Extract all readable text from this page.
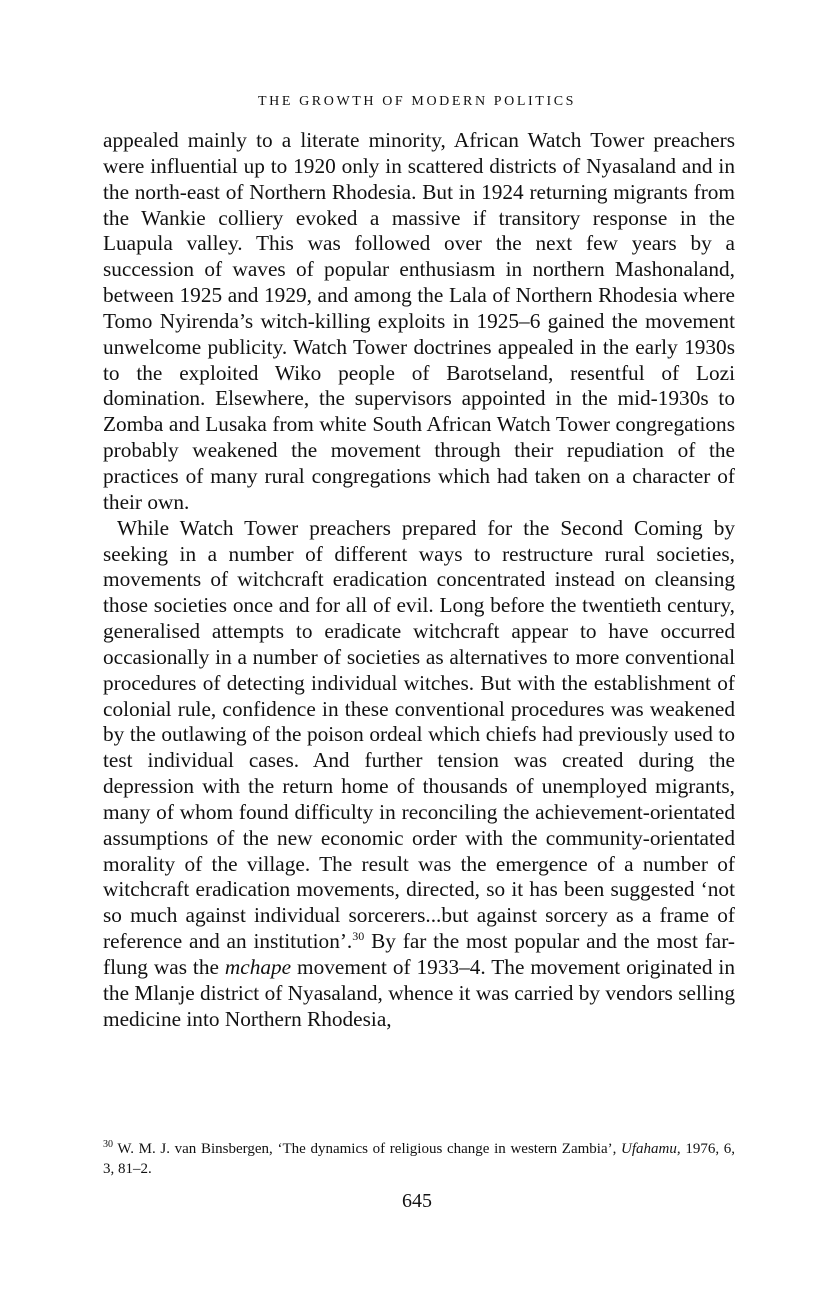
THE GROWTH OF MODERN POLITICS

appealed mainly to a literate minority, African Watch Tower preachers were influential up to 1920 only in scattered districts of Nyasaland and in the north-east of Northern Rhodesia. But in 1924 returning migrants from the Wankie colliery evoked a massive if transitory response in the Luapula valley. This was followed over the next few years by a succession of waves of popular enthusiasm in northern Mashonaland, between 1925 and 1929, and among the Lala of Northern Rhodesia where Tomo Nyirenda’s witch-killing exploits in 1925–6 gained the movement unwelcome publicity. Watch Tower doctrines appealed in the early 1930s to the exploited Wiko people of Barotseland, resentful of Lozi domination. Elsewhere, the supervisors appointed in the mid-1930s to Zomba and Lusaka from white South African Watch Tower congregations probably weakened the movement through their repudiation of the practices of many rural congregations which had taken on a character of their own.

While Watch Tower preachers prepared for the Second Coming by seeking in a number of different ways to restructure rural societies, movements of witchcraft eradication concentrated instead on cleansing those societies once and for all of evil. Long before the twentieth century, generalised attempts to eradicate witchcraft appear to have occurred occasionally in a number of societies as alternatives to more conventional procedures of detecting individual witches. But with the establishment of colonial rule, confidence in these conventional procedures was weakened by the outlawing of the poison ordeal which chiefs had previously used to test individual cases. And further tension was created during the depression with the return home of thousands of unemployed migrants, many of whom found difficulty in reconciling the achievement-orientated assumptions of the new economic order with the community-orientated morality of the village. The result was the emergence of a number of witchcraft eradication movements, directed, so it has been suggested ‘not so much against individual sorcerers...but against sorcery as a frame of reference and an institution’.$^{30}$ By far the most popular and the most far-flung was the mchape movement of 1933–4. The movement originated in the Mlanje district of Nyasaland, whence it was carried by vendors selling medicine into Northern Rhodesia,

$^{30}$ W. M. J. van Binsbergen, ‘The dynamics of religious change in western Zambia’, Ufahamu, 1976, 6, 3, 81–2.
645
